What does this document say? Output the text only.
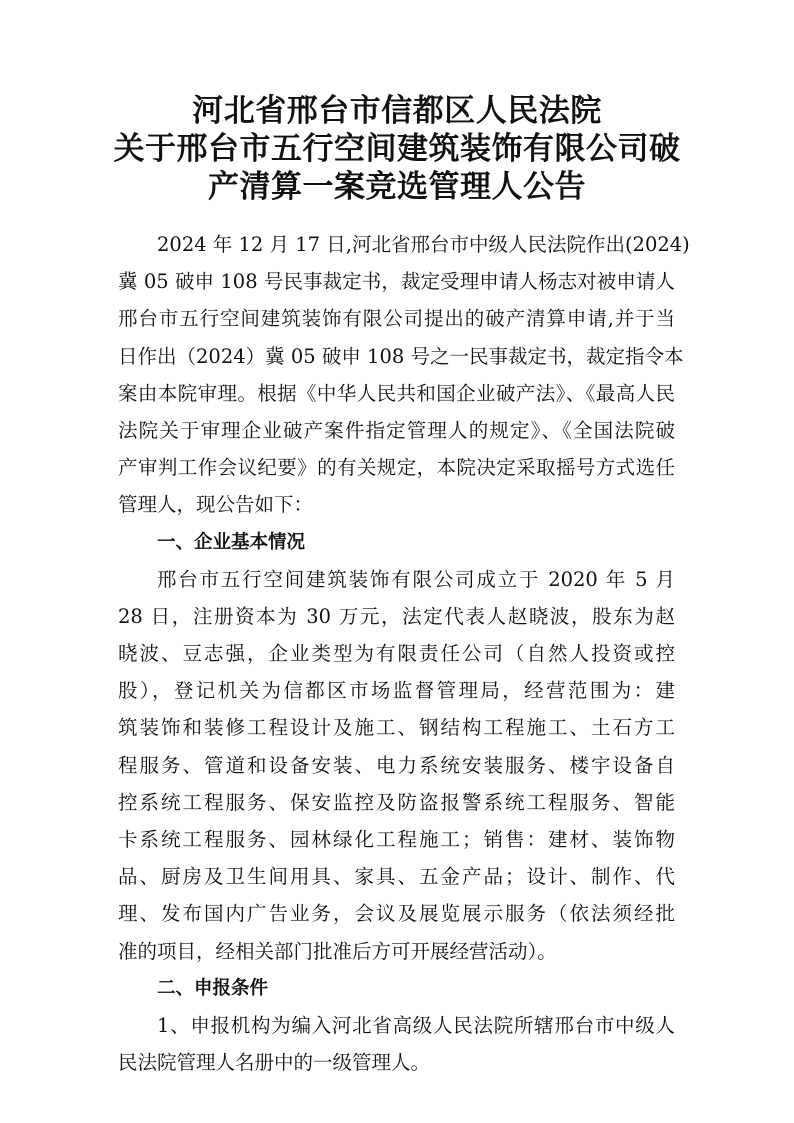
河北省邢台市信都区人民法院
关于邢台市五行空间建筑装饰有限公司破
产清算一案竞选管理人公告
2024 年 12 月 17 日,河北省邢台市中级人民法院作出(2024)
冀 05 破申 108 号民事裁定书，裁定受理申请人杨志对被申请人
邢台市五行空间建筑装饰有限公司提出的破产清算申请,并于当
日作出（2024）冀 05 破申 108 号之一民事裁定书，裁定指令本
案由本院审理。根据《中华人民共和国企业破产法》、《最高人民
法院关于审理企业破产案件指定管理人的规定》、《全国法院破
产审判工作会议纪要》的有关规定，本院决定采取摇号方式选任
管理人，现公告如下：
一、企业基本情况
邢台市五行空间建筑装饰有限公司成立于 2020 年 5 月
28 日，注册资本为 30 万元，法定代表人赵晓波，股东为赵
晓波、豆志强，企业类型为有限责任公司（自然人投资或控
股），登记机关为信都区市场监督管理局，经营范围为：建
筑装饰和装修工程设计及施工、钢结构工程施工、土石方工
程服务、管道和设备安装、电力系统安装服务、楼宇设备自
控系统工程服务、保安监控及防盗报警系统工程服务、智能
卡系统工程服务、园林绿化工程施工；销售：建材、装饰物
品、厨房及卫生间用具、家具、五金产品；设计、制作、代
理、发布国内广告业务，会议及展览展示服务（依法须经批
准的项目，经相关部门批准后方可开展经营活动）。
二、申报条件
1、申报机构为编入河北省高级人民法院所辖邢台市中级人
民法院管理人名册中的一级管理人。
